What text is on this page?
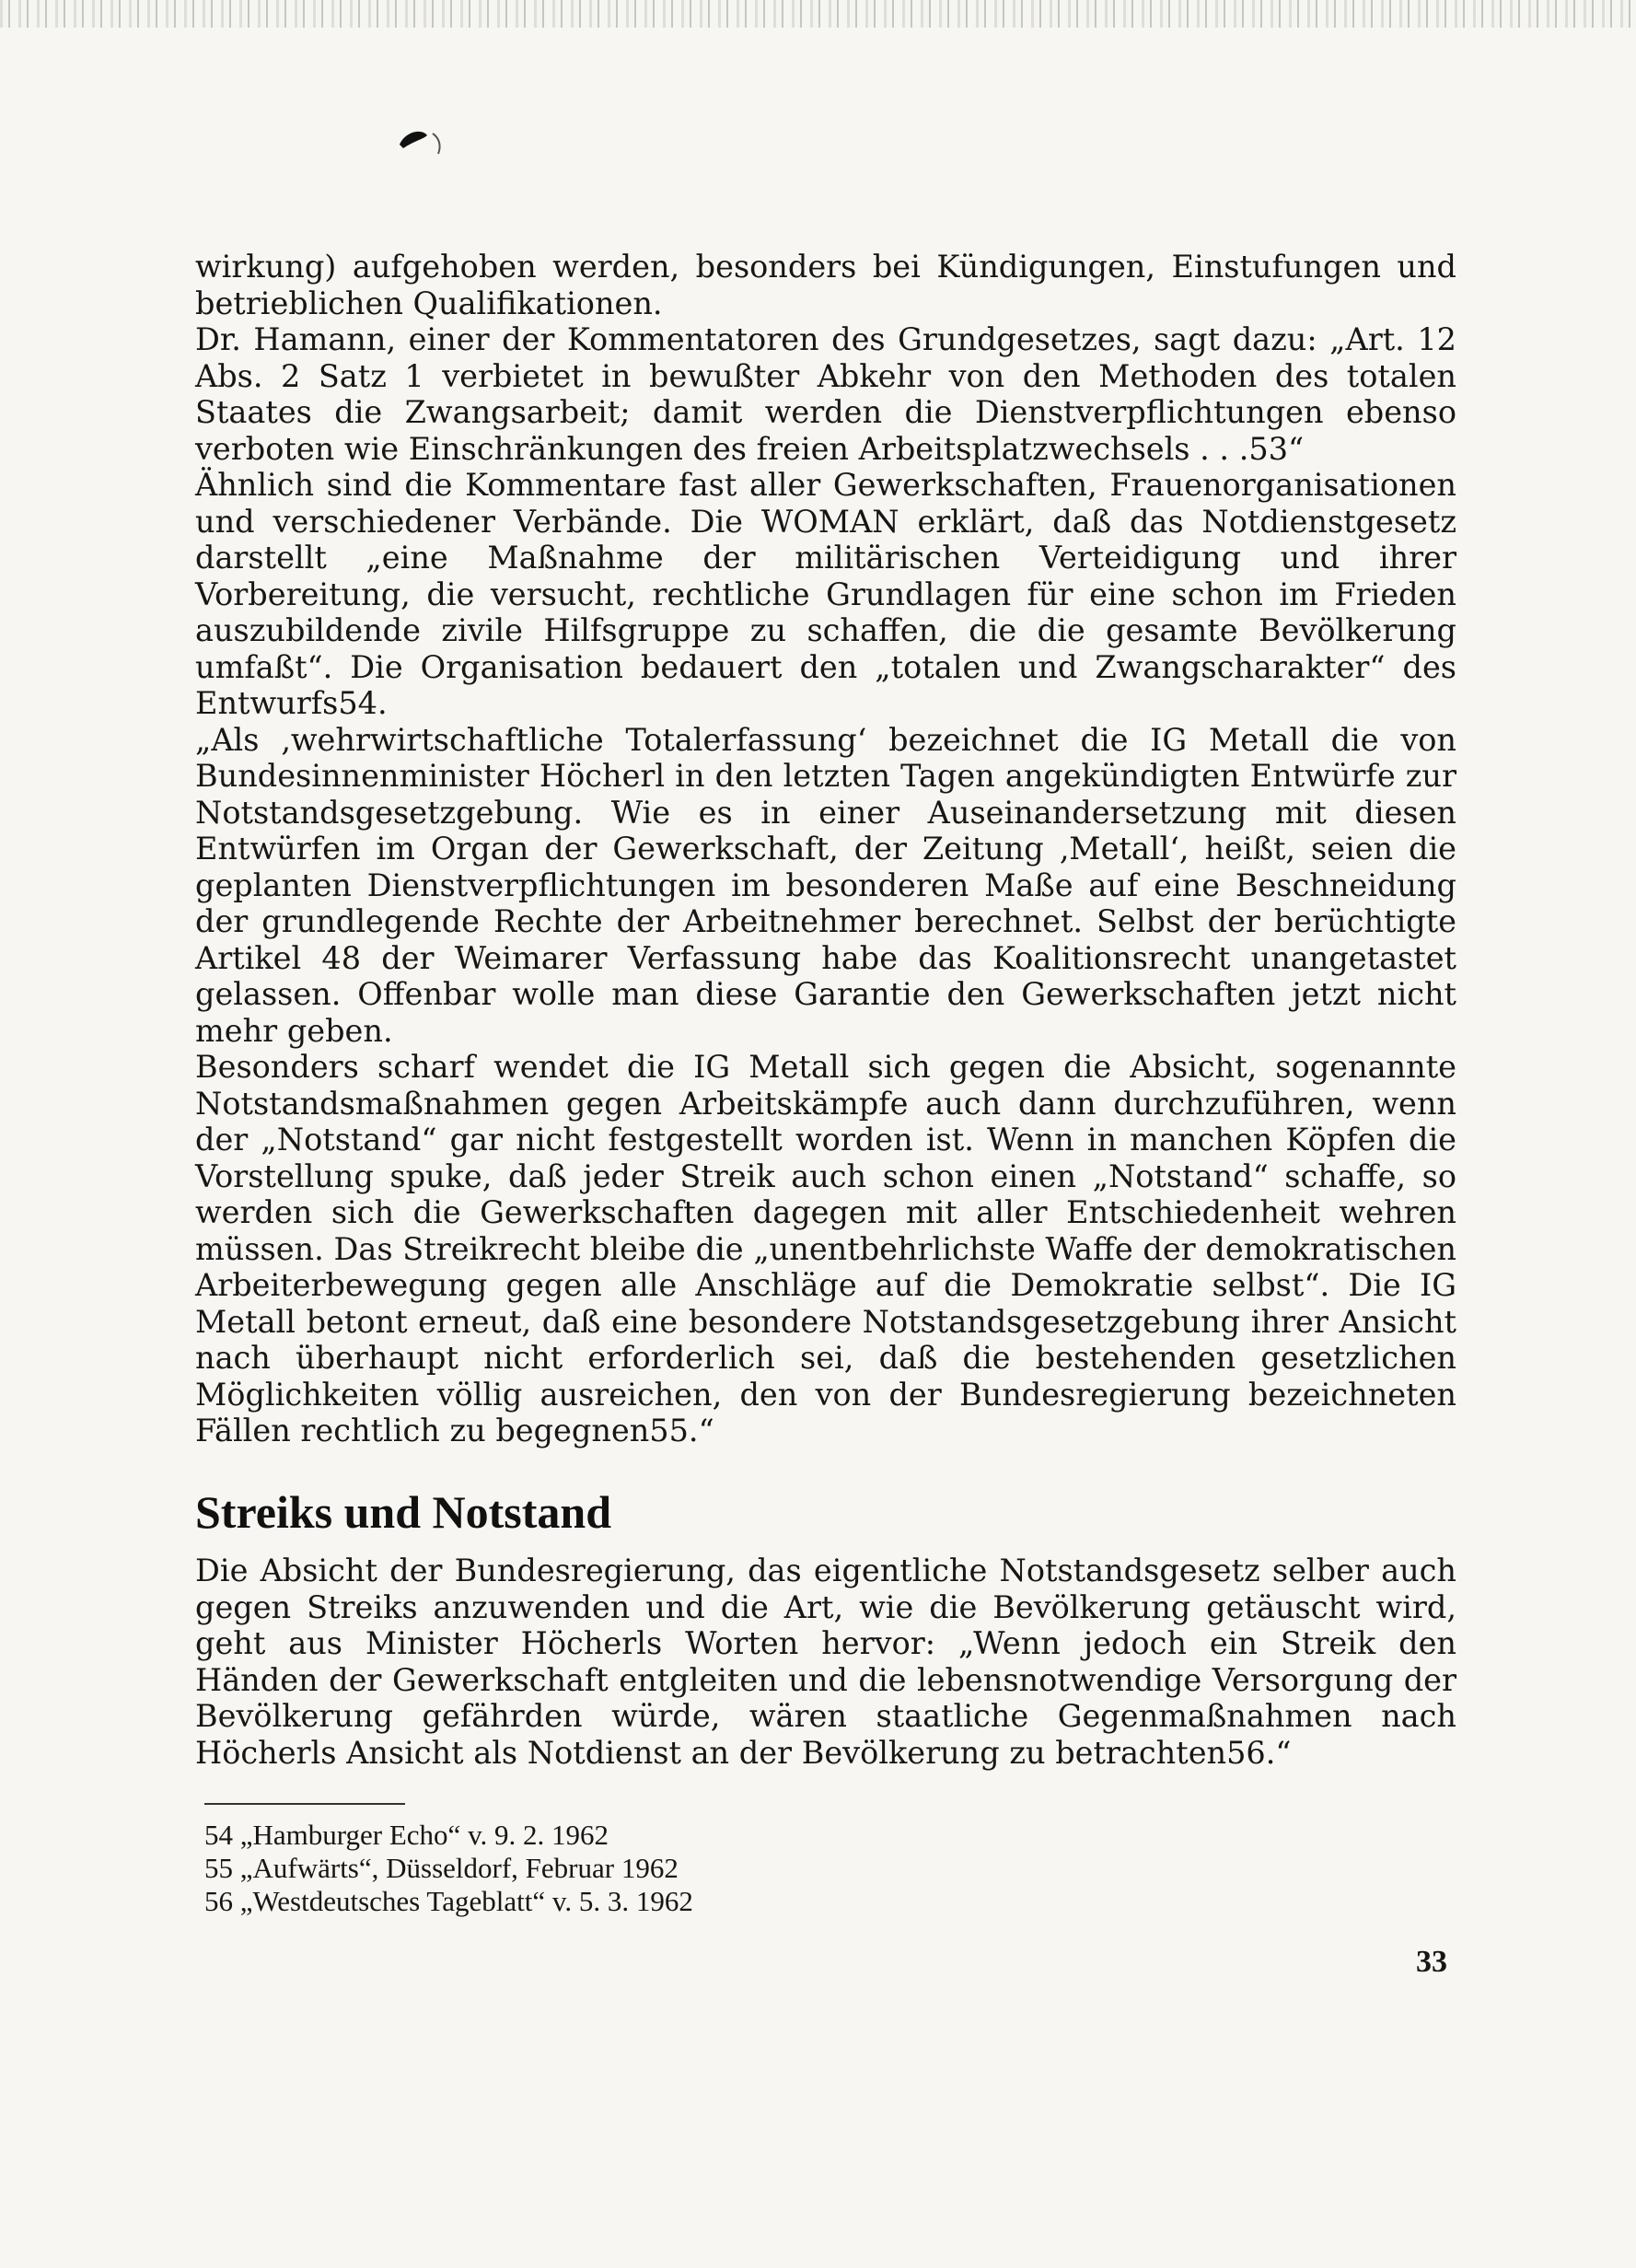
wirkung) aufgehoben werden, besonders bei Kündigungen, Einstufungen und betrieblichen Qualifikationen.

Dr. Hamann, einer der Kommentatoren des Grundgesetzes, sagt dazu: „Art. 12 Abs. 2 Satz 1 verbietet in bewußter Abkehr von den Methoden des totalen Staates die Zwangsarbeit; damit werden die Dienstverpflichtungen ebenso verboten wie Einschränkungen des freien Arbeitsplatzwechsels . . .53“

Ähnlich sind die Kommentare fast aller Gewerkschaften, Frauenorganisationen und verschiedener Verbände. Die WOMAN erklärt, daß das Notdienstgesetz darstellt „eine Maßnahme der militärischen Verteidigung und ihrer Vorbereitung, die versucht, rechtliche Grundlagen für eine schon im Frieden auszubildende zivile Hilfsgruppe zu schaffen, die die gesamte Bevölkerung umfaßt“. Die Organisation bedauert den „totalen und Zwangscharakter“ des Entwurfs54.

„Als ‚wehrwirtschaftliche Totalerfassung‘ bezeichnet die IG Metall die von Bundesinnenminister Höcherl in den letzten Tagen angekündigten Entwürfe zur Notstandsgesetzgebung. Wie es in einer Auseinandersetzung mit diesen Entwürfen im Organ der Gewerkschaft, der Zeitung ‚Metall‘, heißt, seien die geplanten Dienstverpflichtungen im besonderen Maße auf eine Beschneidung der grundlegende Rechte der Arbeitnehmer berechnet. Selbst der berüchtigte Artikel 48 der Weimarer Verfassung habe das Koalitionsrecht unangetastet gelassen. Offenbar wolle man diese Garantie den Gewerkschaften jetzt nicht mehr geben.

Besonders scharf wendet die IG Metall sich gegen die Absicht, sogenannte Notstandsmaßnahmen gegen Arbeitskämpfe auch dann durchzuführen, wenn der „Notstand“ gar nicht festgestellt worden ist. Wenn in manchen Köpfen die Vorstellung spuke, daß jeder Streik auch schon einen „Notstand“ schaffe, so werden sich die Gewerkschaften dagegen mit aller Entschiedenheit wehren müssen. Das Streikrecht bleibe die „unentbehrlichste Waffe der demokratischen Arbeiterbewegung gegen alle Anschläge auf die Demokratie selbst“. Die IG Metall betont erneut, daß eine besondere Notstandsgesetzgebung ihrer Ansicht nach überhaupt nicht erforderlich sei, daß die bestehenden gesetzlichen Möglichkeiten völlig ausreichen, den von der Bundesregierung bezeichneten Fällen rechtlich zu begegnen55.“

Streiks und Notstand

Die Absicht der Bundesregierung, das eigentliche Notstandsgesetz selber auch gegen Streiks anzuwenden und die Art, wie die Bevölkerung getäuscht wird, geht aus Minister Höcherls Worten hervor: „Wenn jedoch ein Streik den Händen der Gewerkschaft entgleiten und die lebensnotwendige Versorgung der Bevölkerung gefährden würde, wären staatliche Gegenmaßnahmen nach Höcherls Ansicht als Notdienst an der Bevölkerung zu betrachten56.“

54 „Hamburger Echo“ v. 9. 2. 1962
55 „Aufwärts“, Düsseldorf, Februar 1962
56 „Westdeutsches Tageblatt“ v. 5. 3. 1962
33
